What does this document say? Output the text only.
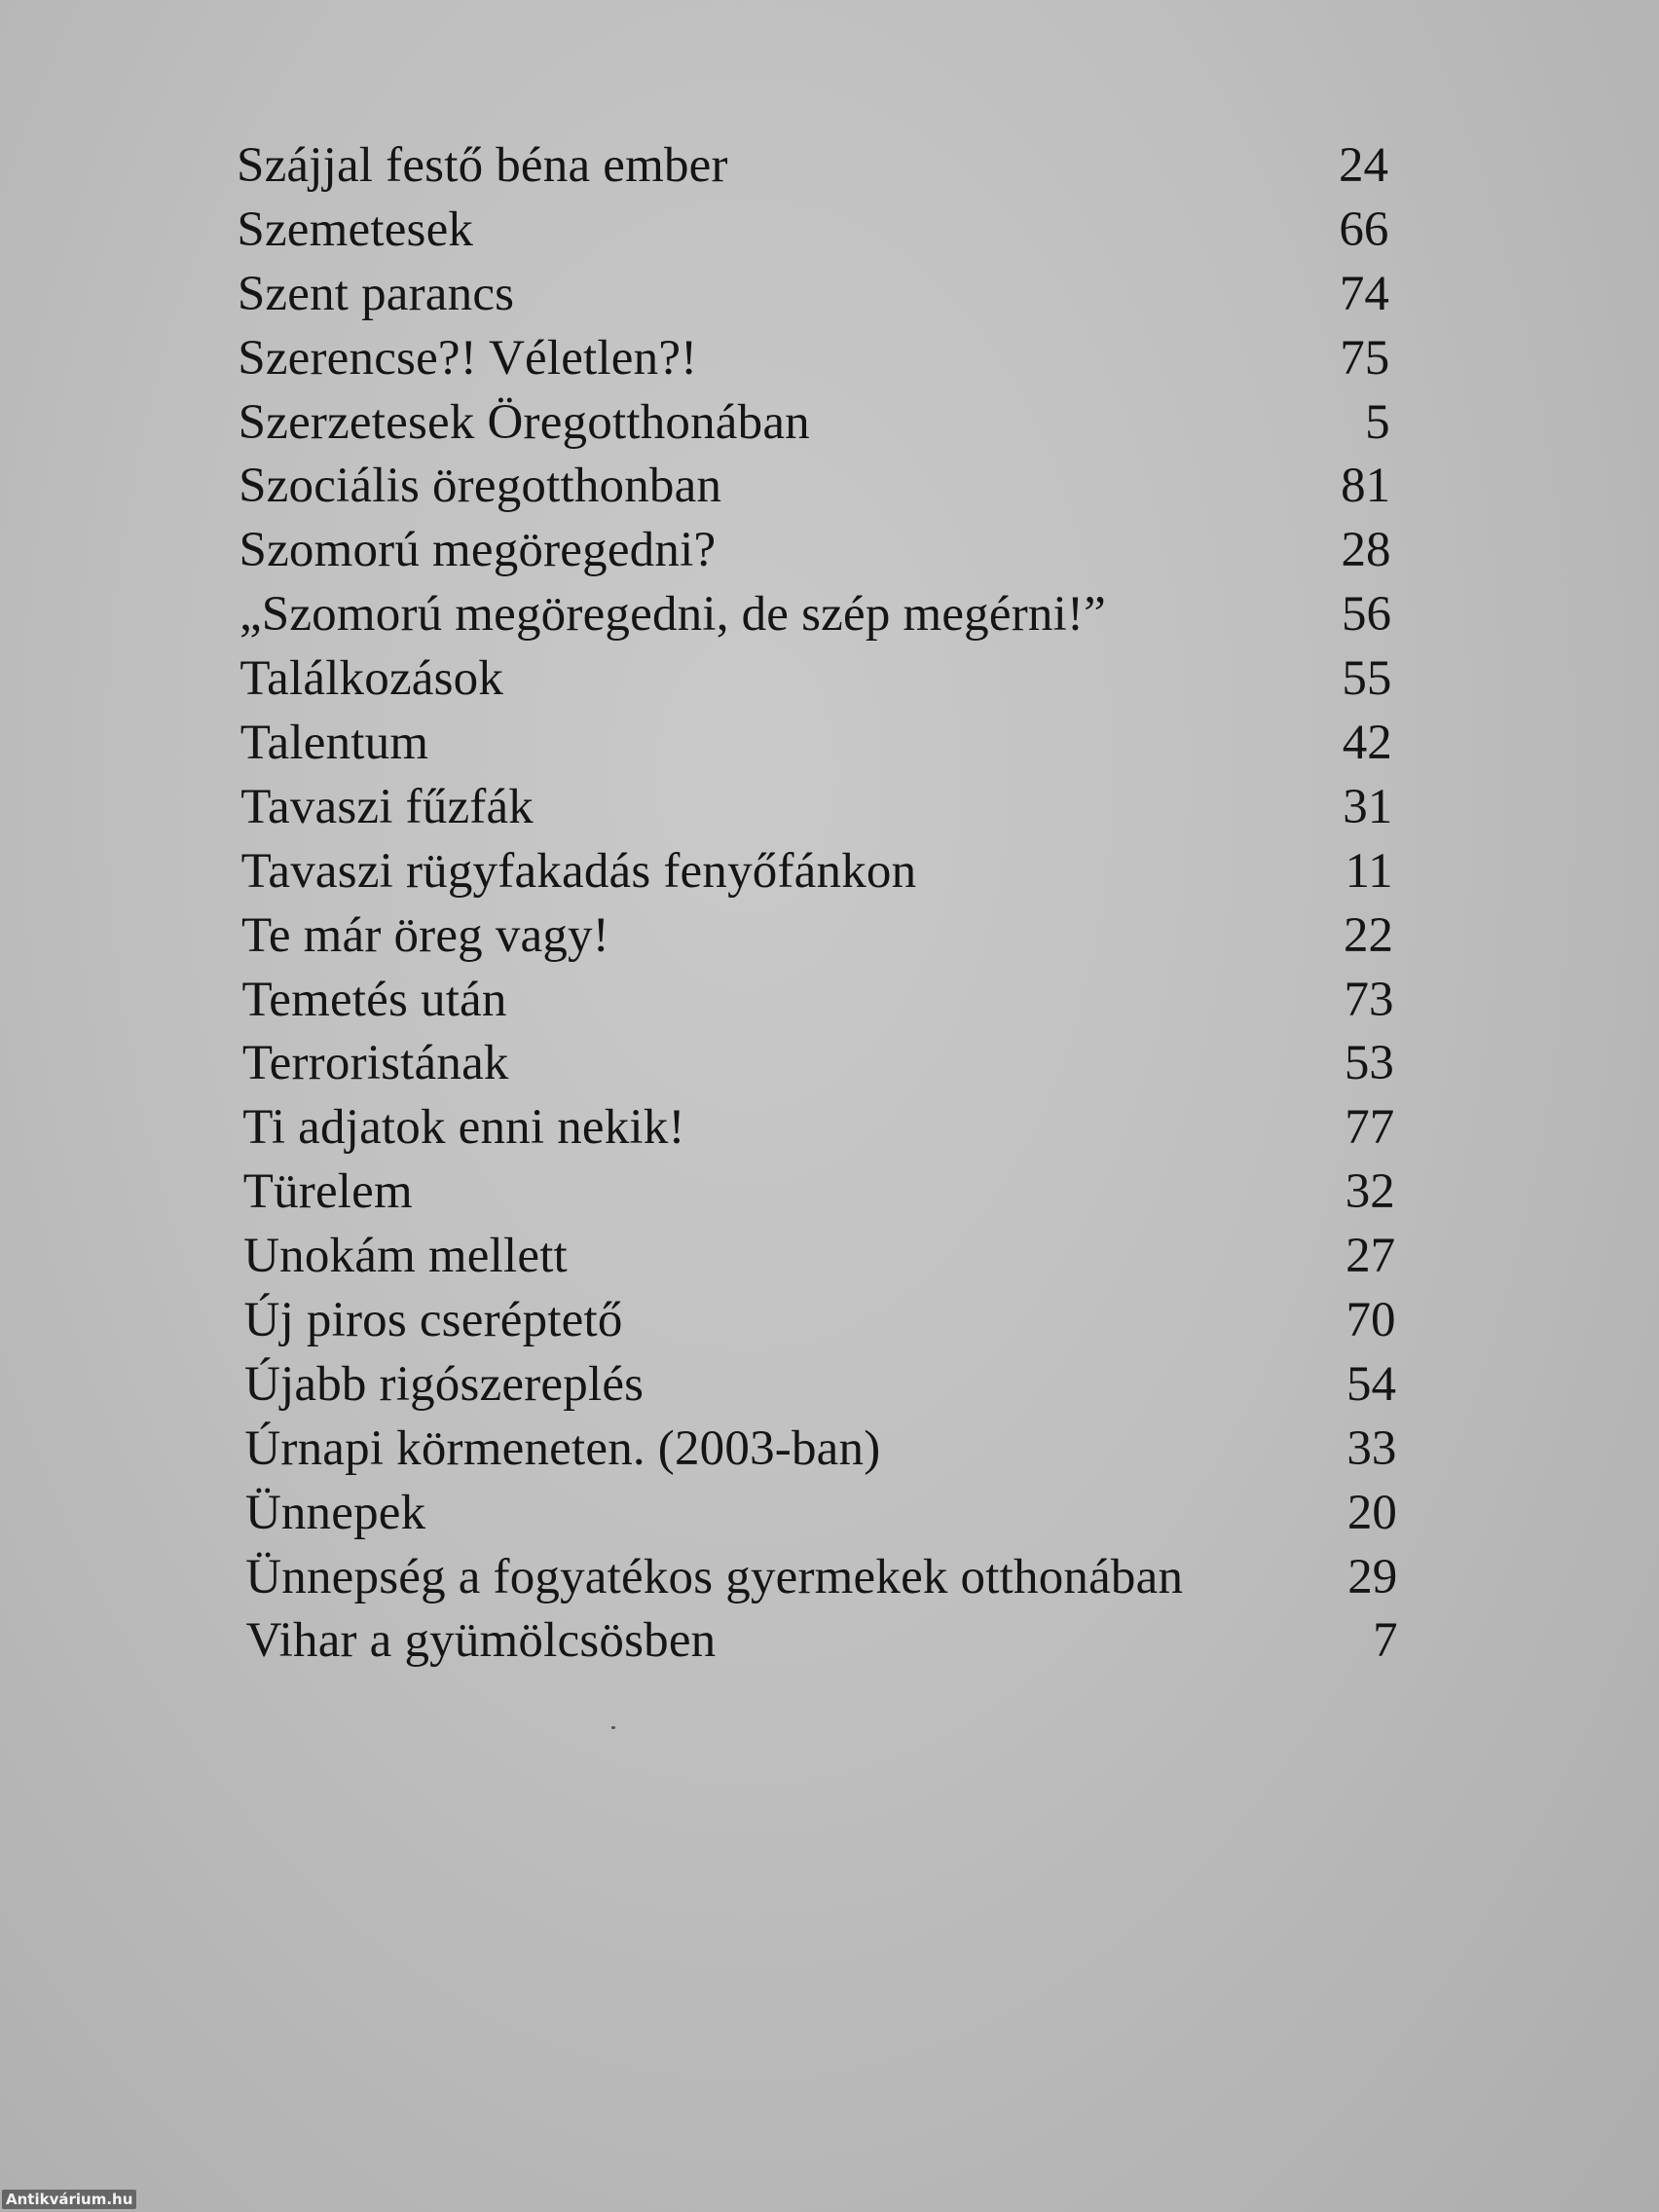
Szájjal festő béna ember	24
Szemetesek	66
Szent parancs	74
Szerencse?! Véletlen?!	75
Szerzetesek Öregotthonában	5
Szociális öregotthonban	81
Szomorú megöregedni?	28
„Szomorú megöregedni, de szép megérni!”	56
Találkozások	55
Talentum	42
Tavaszi fűzfák	31
Tavaszi rügyfakadás fenyőfánkon	11
Te már öreg vagy!	22
Temetés után	73
Terroristának	53
Ti adjatok enni nekik!	77
Türelem	32
Unokám mellett	27
Új piros cseréptető	70
Újabb rigószereplés	54
Úrnapi körmeneten. (2003-ban)	33
Ünnepek	20
Ünnepség a fogyatékos gyermekek otthonában	29
Vihar a gyümölcsösben	7
Antikvárium.hu
